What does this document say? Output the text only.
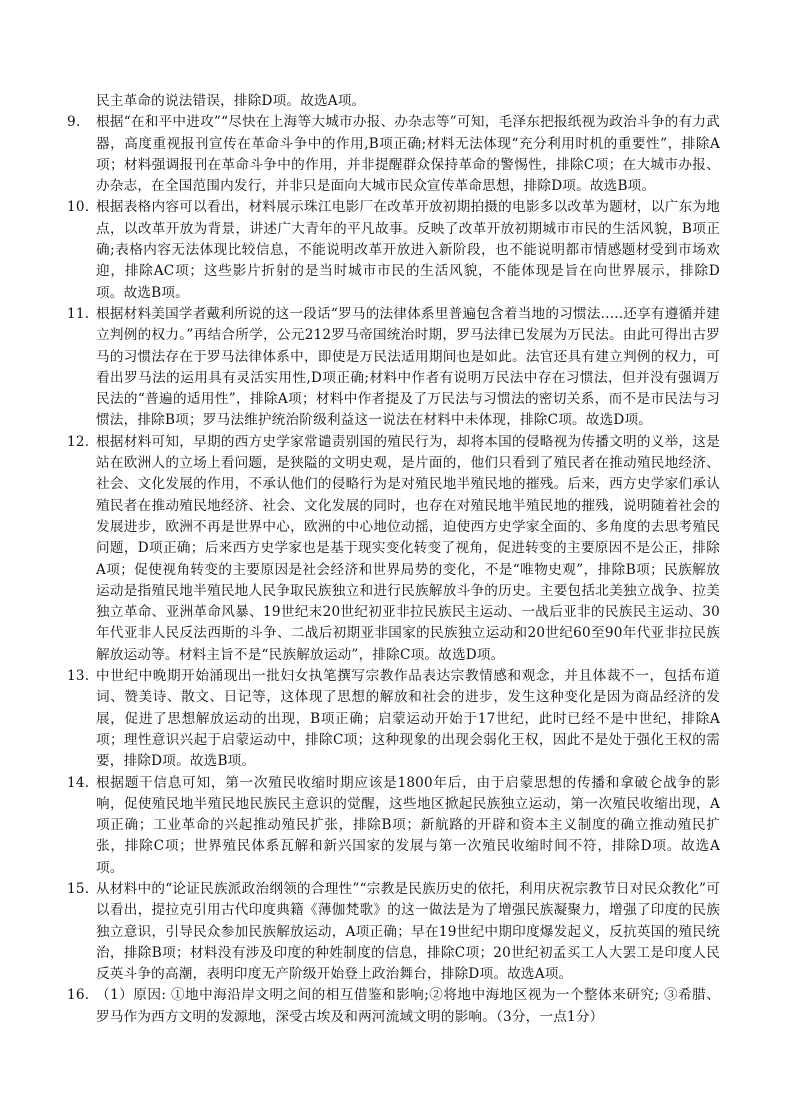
民主革命的说法错误，排除D项。故选A项。

9.	根据“在和平中进攻”“尽快在上海等大城市办报、办杂志等”可知，毛泽东把报纸视为政治斗争的有力武器，高度重视报刊宣传在革命斗争中的作用,B项正确;材料无法体现“充分利用时机的重要性”，排除A项；材料强调报刊在革命斗争中的作用，并非提醒群众保持革命的警惕性，排除C项；在大城市办报、办杂志，在全国范围内发行，并非只是面向大城市民众宣传革命思想，排除D项。故选B项。

10. 根据表格内容可以看出，材料展示珠江电影厂在改革开放初期拍摄的电影多以改革为题材，以广东为地点，以改革开放为背景，讲述广大青年的平凡故事。反映了改革开放初期城市市民的生活风貌，B项正确;表格内容无法体现比较信息，不能说明改革开放进入新阶段，也不能说明都市情感题材受到市场欢迎，排除AC项；这些影片折射的是当时城市市民的生活风貌，不能体现是旨在向世界展示，排除D项。故选B项。

11. 根据材料美国学者戴利所说的这一段话“罗马的法律体系里普遍包含着当地的习惯法.....还享有遵循并建立判例的权力。”再结合所学，公元212罗马帝国统治时期，罗马法律已发展为万民法。由此可得出古罗马的习惯法存在于罗马法律体系中，即使是万民法适用期间也是如此。法官还具有建立判例的权力，可看出罗马法的运用具有灵活实用性,D项正确;材料中作者有说明万民法中存在习惯法，但并没有强调万民法的“普遍的适用性”，排除A项；材料中作者提及了万民法与习惯法的密切关系，而不是市民法与习惯法，排除B项；罗马法维护统治阶级利益这一说法在材料中未体现，排除C项。故选D项。

12. 根据材料可知，早期的西方史学家常谴责别国的殖民行为，却将本国的侵略视为传播文明的义举，这是站在欧洲人的立场上看问题，是狭隘的文明史观，是片面的，他们只看到了殖民者在推动殖民地经济、社会、文化发展的作用，不承认他们的侵略行为是对殖民地半殖民地的摧残。后来，西方史学家们承认殖民者在推动殖民地经济、社会、文化发展的同时，也存在对殖民地半殖民地的摧残，说明随着社会的发展进步，欧洲不再是世界中心，欧洲的中心地位动摇，迫使西方史学家全面的、多角度的去思考殖民问题，D项正确；后来西方史学家也是基于现实变化转变了视角，促进转变的主要原因不是公正，排除A项；促使视角转变的主要原因是社会经济和世界局势的变化，不是“唯物史观”，排除B项；民族解放运动是指殖民地半殖民地人民争取民族独立和进行民族解放斗争的历史。主要包括北美独立战争、拉美独立革命、亚洲革命风暴、19世纪末20世纪初亚非拉民族民主运动、一战后亚非的民族民主运动、30年代亚非人民反法西斯的斗争、二战后初期亚非国家的民族独立运动和20世纪60至90年代亚非拉民族解放运动等。材料主旨不是“民族解放运动”，排除C项。故选D项。

13. 中世纪中晚期开始涌现出一批妇女执笔撰写宗教作品表达宗教情感和观念，并且体裁不一，包括布道词、赞美诗、散文、日记等，这体现了思想的解放和社会的进步，发生这种变化是因为商品经济的发展，促进了思想解放运动的出现，B项正确；启蒙运动开始于17世纪，此时已经不是中世纪，排除A项；理性意识兴起于启蒙运动中，排除C项；这种现象的出现会弱化王权，因此不是处于强化王权的需要，排除D项。故选B项。

14. 根据题干信息可知，第一次殖民收缩时期应该是1800年后，由于启蒙思想的传播和拿破仑战争的影响，促使殖民地半殖民地民族民主意识的觉醒，这些地区掀起民族独立运动，第一次殖民收缩出现，A项正确；工业革命的兴起推动殖民扩张，排除B项；新航路的开辟和资本主义制度的确立推动殖民扩张，排除C项；世界殖民体系瓦解和新兴国家的发展与第一次殖民收缩时间不符，排除D项。故选A项。

15. 从材料中的“论证民族派政治纲领的合理性”“宗教是民族历史的依托，利用庆祝宗教节日对民众教化”可以看出，提拉克引用古代印度典籍《薄伽梵歌》的这一做法是为了增强民族凝聚力，增强了印度的民族独立意识，引导民众参加民族解放运动，A项正确；早在19世纪中期印度爆发起义，反抗英国的殖民统治，排除B项；材料没有涉及印度的种姓制度的信息，排除C项；20世纪初孟买工人大罢工是印度人民反英斗争的高潮，表明印度无产阶级开始登上政治舞台，排除D项。故选A项。

16. （1）原因: ①地中海沿岸文明之间的相互借鉴和影响;②将地中海地区视为一个整体来研究; ③希腊、罗马作为西方文明的发源地，深受古埃及和两河流域文明的影响。（3分，一点1分）
